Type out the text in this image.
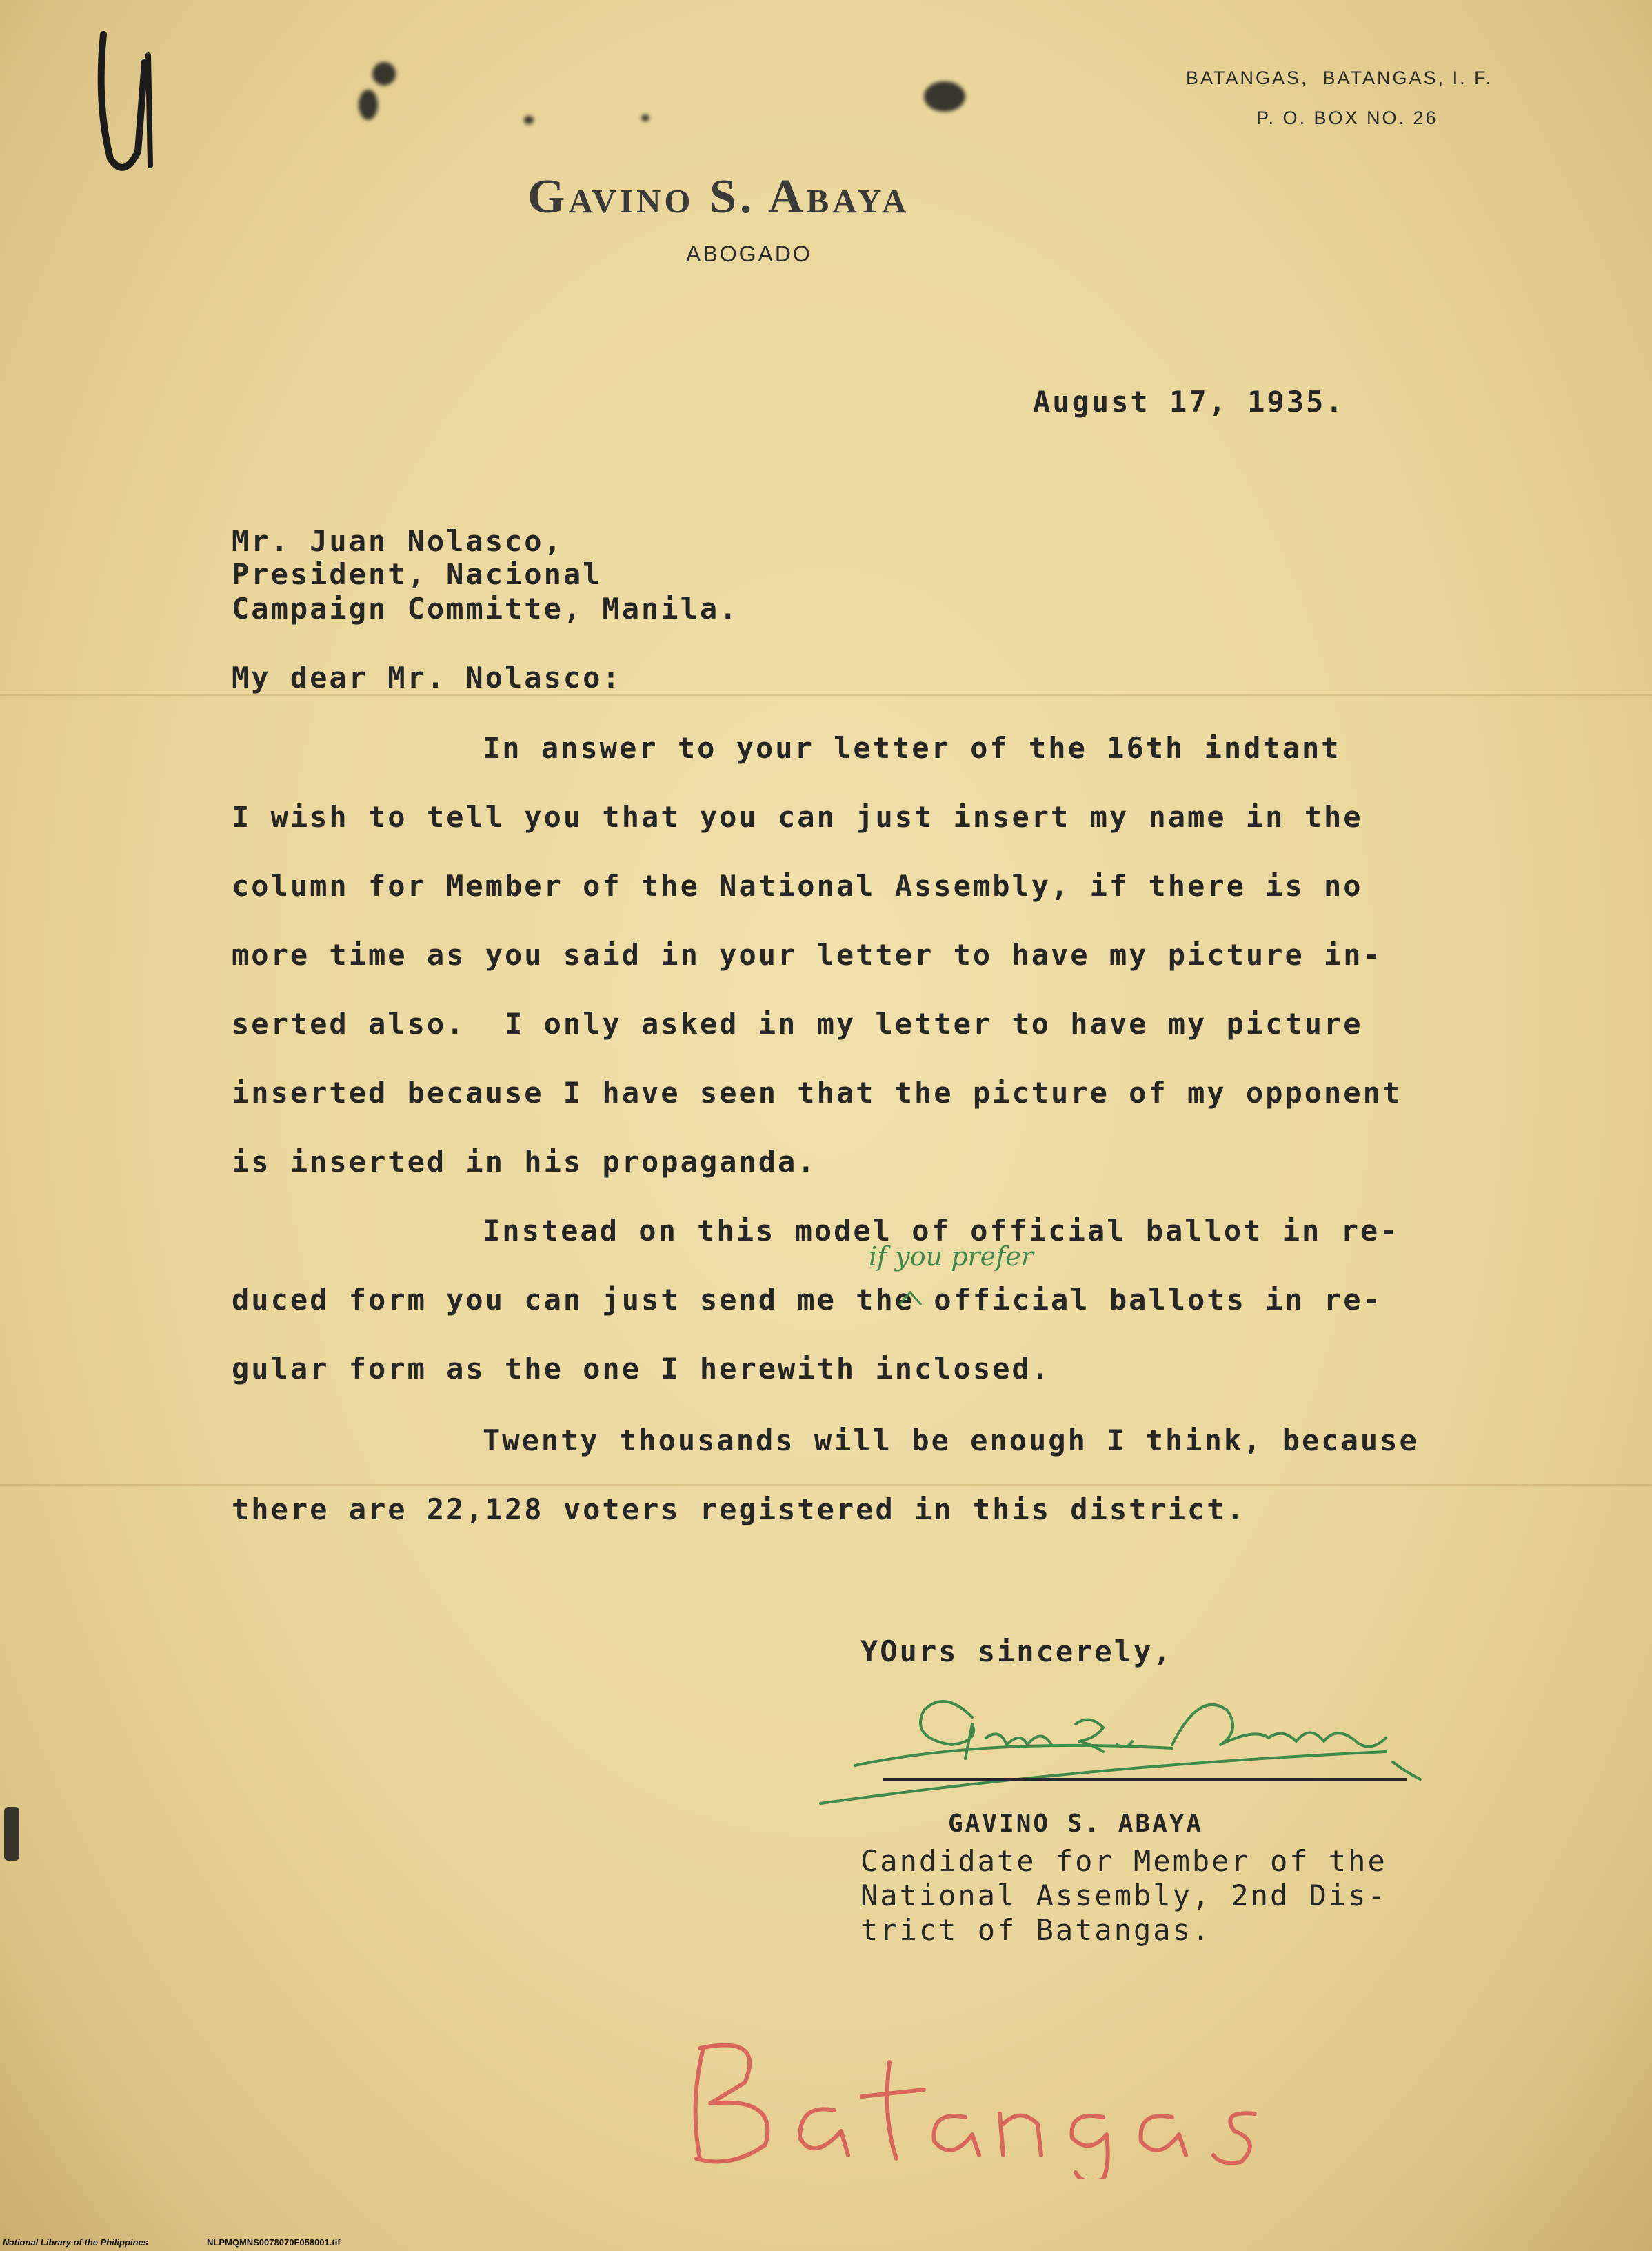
BATANGAS,  BATANGAS, I. F.

P. O. BOX NO. 26

Gavino S. Abaya

ABOGADO

August 17, 1935.

Mr. Juan Nolasco,

President, Nacional

Campaign Committe, Manila.

My dear Mr. Nolasco:

In answer to your letter of the 16th indtant

I wish to tell you that you can just insert my name in the

column for Member of the National Assembly, if there is no

more time as you said in your letter to have my picture in-

serted also.  I only asked in my letter to have my picture

inserted because I have seen that the picture of my opponent

is inserted in his propaganda.

Instead on this model of official ballot in re-

duced form you can just send me the official ballots in re-

gular form as the one I herewith inclosed.

Twenty thousands will be enough I think, because

there are 22,128 voters registered in this district.

if you prefer

YOurs sincerely,

GAVINO S. ABAYA

Candidate for Member of the

National Assembly, 2nd Dis-

trict of Batangas.

National Library of the Philippines	NLPMQMNS0078070F058001.tif
